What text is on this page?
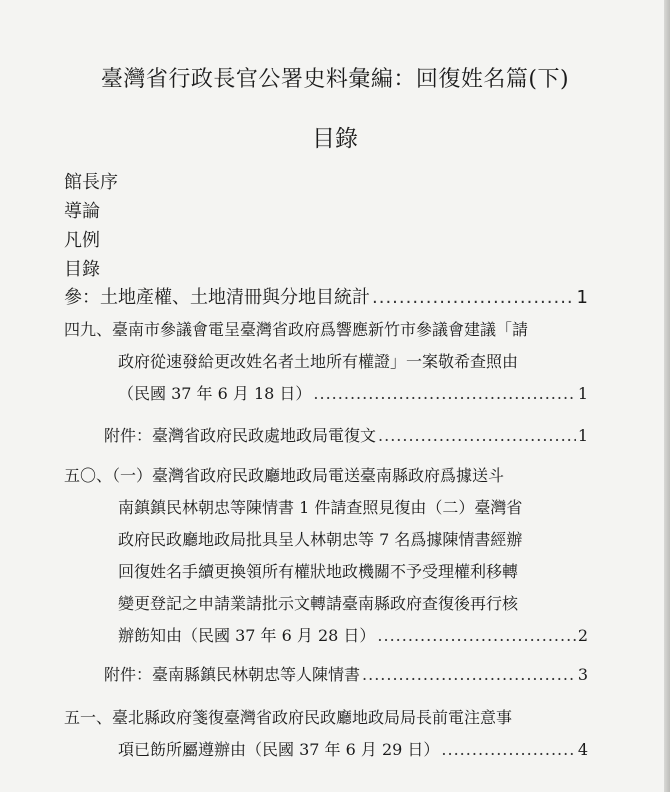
臺灣省行政長官公署史料彙編：回復姓名篇(下)
目錄
館長序
導論
凡例
目錄
參：土地產權、土地清冊與分地目統計 .....	1
四九、臺南市參議會電呈臺灣省政府爲響應新竹市參議會建議「請
政府從速發給更改姓名者土地所有權證」一案敬希查照由
（民國 37 年 6 月 18 日） .....	1
附件：臺灣省政府民政處地政局電復文 .....	1
五〇、（一）臺灣省政府民政廳地政局電送臺南縣政府爲據送斗
南鎮鎮民林朝忠等陳情書 1 件請查照見復由（二）臺灣省
政府民政廳地政局批具呈人林朝忠等 7 名爲據陳情書經辦
回復姓名手續更換領所有權狀地政機關不予受理權利移轉
變更登記之申請業請批示文轉請臺南縣政府查復後再行核
辦飭知由（民國 37 年 6 月 28 日） .....	2
附件：臺南縣鎮民林朝忠等人陳情書 .....	3
五一、臺北縣政府箋復臺灣省政府民政廳地政局局長前電注意事
項已飭所屬遵辦由（民國 37 年 6 月 29 日） .....	4
